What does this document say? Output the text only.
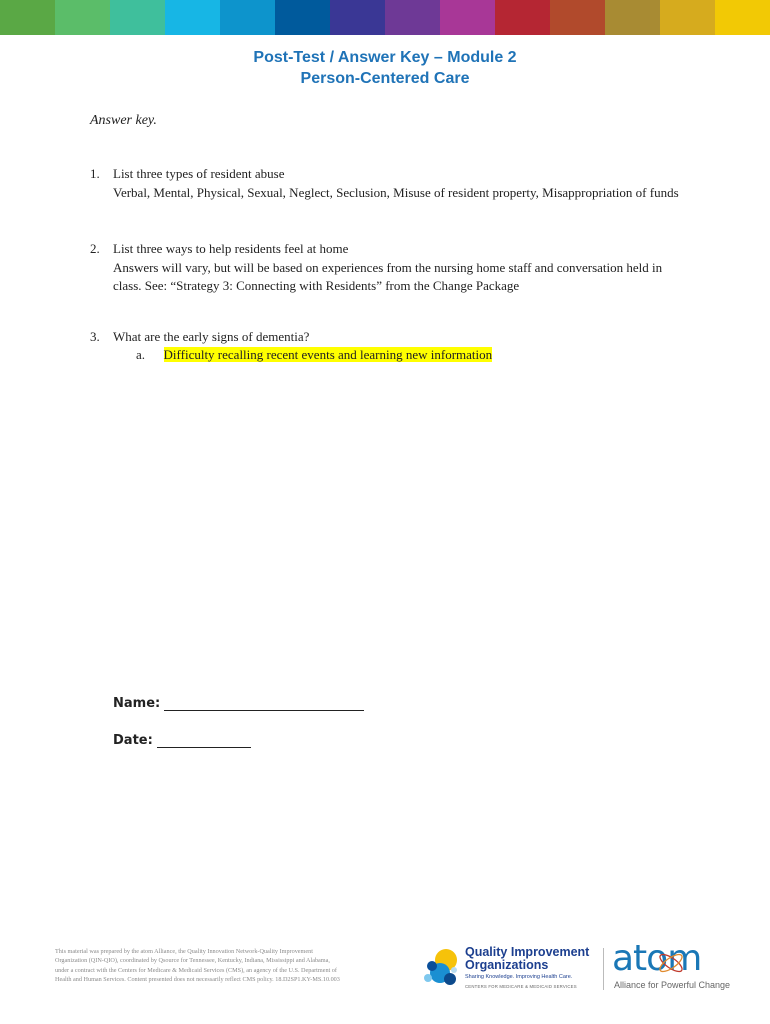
Post-Test / Answer Key – Module 2
Person-Centered Care
Answer key.
1. List three types of resident abuse
Verbal, Mental, Physical, Sexual, Neglect, Seclusion, Misuse of resident property, Misappropriation of funds
2. List three ways to help residents feel at home
Answers will vary, but will be based on experiences from the nursing home staff and conversation held in class. See: “Strategy 3: Connecting with Residents” from the Change Package
3. What are the early signs of dementia?
a. Difficulty recalling recent events and learning new information
Name:
Date:
This material was prepared by the atom Alliance, the Quality Innovation Network-Quality Improvement Organization (QIN-QIO), coordinated by Qsource for Tennessee, Kentucky, Indiana, Mississippi and Alabama, under a contract with the Centers for Medicare & Medicaid Services (CMS), an agency of the U.S. Department of Health and Human Services. Content presented does not necessarily reflect CMS policy. 18.D2SP1.KY-MS.10.003
Quality Improvement
Organizations
Sharing Knowledge. Improving Health Care.
CENTERS FOR MEDICARE & MEDICAID SERVICES
atom
Alliance for Powerful Change
